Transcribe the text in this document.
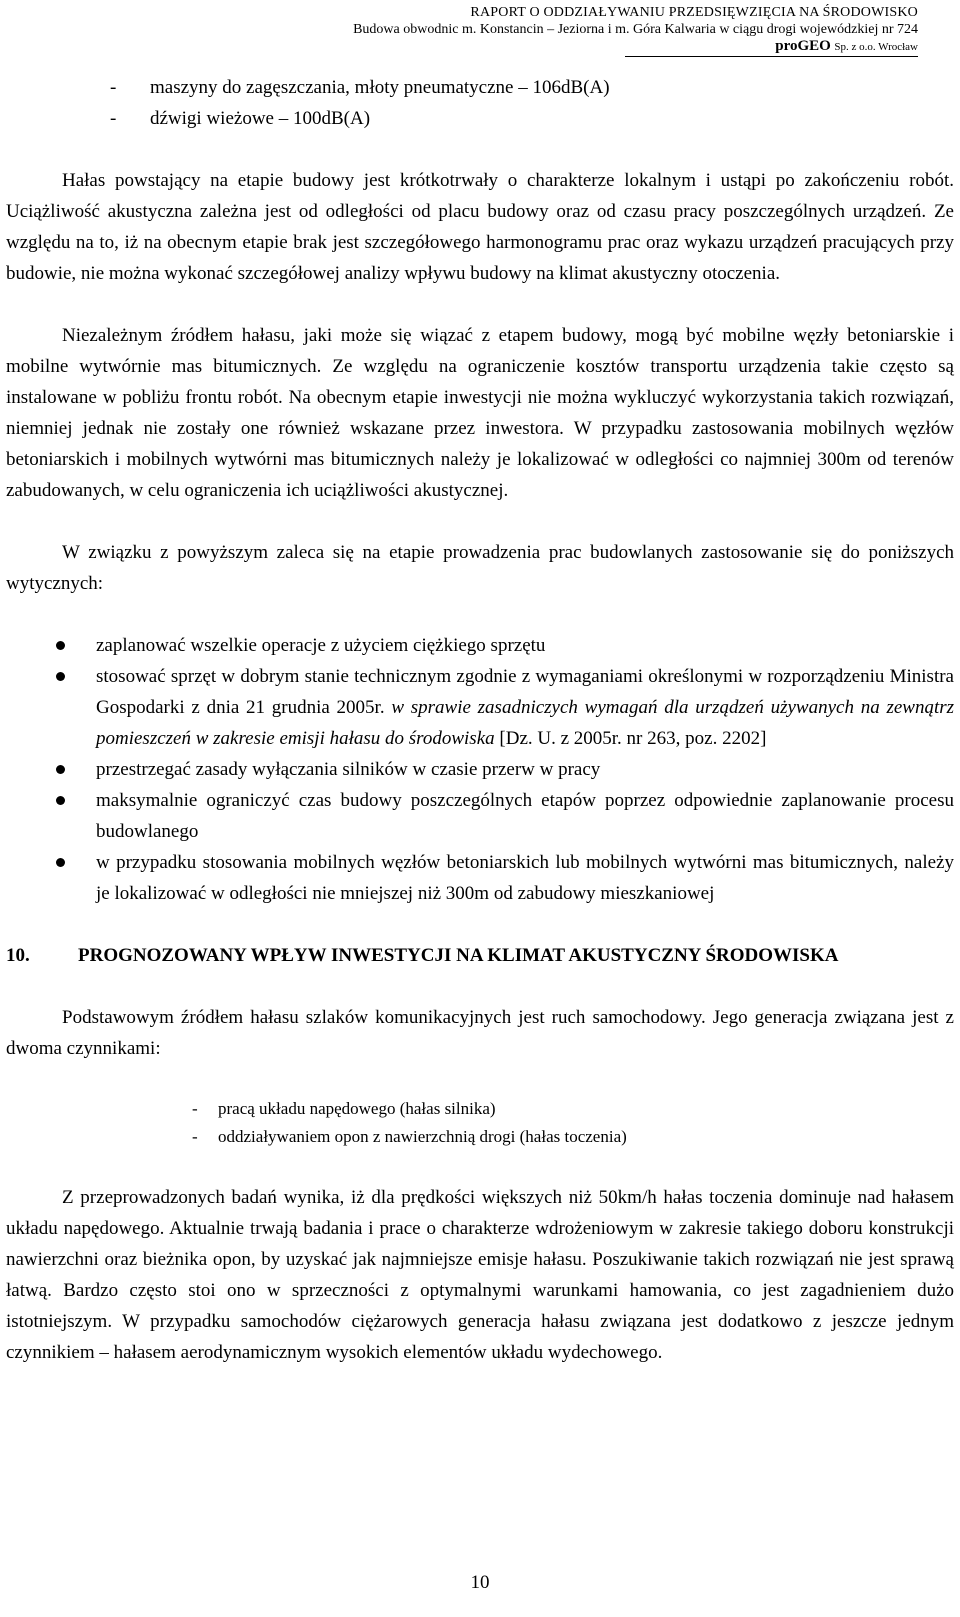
RAPORT O ODDZIAŁYWANIU PRZEDSIĘWZIĘCIA NA ŚRODOWISKO
Budowa obwodnic m. Konstancin – Jeziorna i m. Góra Kalwaria w ciągu drogi wojewódzkiej nr 724
proGEO Sp. z o.o. Wrocław
- maszyny do zagęszczania, młoty pneumatyczne – 106dB(A)
- dźwigi wieżowe – 100dB(A)

Hałas powstający na etapie budowy jest krótkotrwały o charakterze lokalnym i ustąpi po zakończeniu robót. Uciążliwość akustyczna zależna jest od odległości od placu budowy oraz od czasu pracy poszczególnych urządzeń. Ze względu na to, iż na obecnym etapie brak jest szczegółowego harmonogramu prac oraz wykazu urządzeń pracujących przy budowie, nie można wykonać szczegółowej analizy wpływu budowy na klimat akustyczny otoczenia.

Niezależnym źródłem hałasu, jaki może się wiązać z etapem budowy, mogą być mobilne węzły betoniarskie i mobilne wytwórnie mas bitumicznych. Ze względu na ograniczenie kosztów transportu urządzenia takie często są instalowane w pobliżu frontu robót. Na obecnym etapie inwestycji nie można wykluczyć wykorzystania takich rozwiązań, niemniej jednak nie zostały one również wskazane przez inwestora. W przypadku zastosowania mobilnych węzłów betoniarskich i mobilnych wytwórni mas bitumicznych należy je lokalizować w odległości co najmniej 300m od terenów zabudowanych, w celu ograniczenia ich uciążliwości akustycznej.

W związku z powyższym zaleca się na etapie prowadzenia prac budowlanych zastosowanie się do poniższych wytycznych:

zaplanować wszelkie operacje z użyciem ciężkiego sprzętu
stosować sprzęt w dobrym stanie technicznym zgodnie z wymaganiami określonymi w rozporządzeniu Ministra Gospodarki z dnia 21 grudnia 2005r. w sprawie zasadniczych wymagań dla urządzeń używanych na zewnątrz pomieszczeń w zakresie emisji hałasu do środowiska [Dz. U. z 2005r. nr 263, poz. 2202]
przestrzegać zasady wyłączania silników w czasie przerw w pracy
maksymalnie ograniczyć czas budowy poszczególnych etapów poprzez odpowiednie zaplanowanie procesu budowlanego
w przypadku stosowania mobilnych węzłów betoniarskich lub mobilnych wytwórni mas bitumicznych, należy je lokalizować w odległości nie mniejszej niż 300m od zabudowy mieszkaniowej
10.	PROGNOZOWANY WPŁYW INWESTYCJI NA KLIMAT AKUSTYCZNY ŚRODOWISKA

Podstawowym źródłem hałasu szlaków komunikacyjnych jest ruch samochodowy. Jego generacja związana jest z dwoma czynnikami:

- pracą układu napędowego (hałas silnika)
- oddziaływaniem opon z nawierzchnią drogi (hałas toczenia)

Z przeprowadzonych badań wynika, iż dla prędkości większych niż 50km/h hałas toczenia dominuje nad hałasem układu napędowego. Aktualnie trwają badania i prace o charakterze wdrożeniowym w zakresie takiego doboru konstrukcji nawierzchni oraz bieżnika opon, by uzyskać jak najmniejsze emisje hałasu. Poszukiwanie takich rozwiązań nie jest sprawą łatwą. Bardzo często stoi ono w sprzeczności z optymalnymi warunkami hamowania, co jest zagadnieniem dużo istotniejszym. W przypadku samochodów ciężarowych generacja hałasu związana jest dodatkowo z jeszcze jednym czynnikiem – hałasem aerodynamicznym wysokich elementów układu wydechowego.

10
